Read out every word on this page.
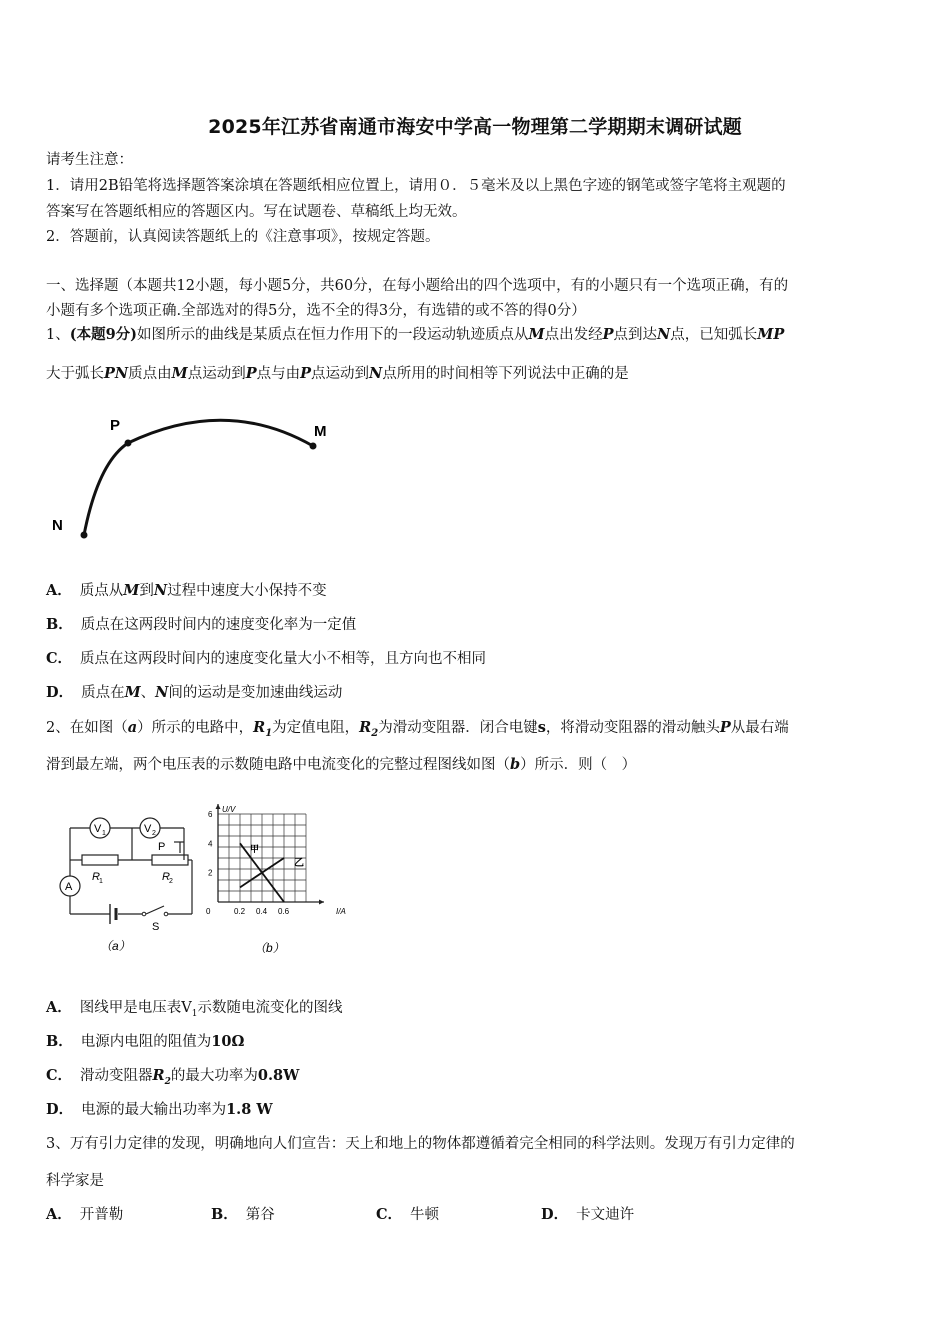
2025年江苏省南通市海安中学高一物理第二学期期末调研试题
请考生注意：
1．请用2B铅笔将选择题答案涂填在答题纸相应位置上，请用０．５毫米及以上黑色字迹的钢笔或签字笔将主观题的
答案写在答题纸相应的答题区内。写在试题卷、草稿纸上均无效。
2．答题前，认真阅读答题纸上的《注意事项》，按规定答题。
一、选择题（本题共12小题，每小题5分，共60分，在每小题给出的四个选项中，有的小题只有一个选项正确，有的
小题有多个选项正确.全部选对的得5分，选不全的得3分，有选错的或不答的得0分）
1、(本题9分)如图所示的曲线是某质点在恒力作用下的一段运动轨迹质点从M点出发经P点到达N点，已知弧长MP
大于弧长PN质点由M点运动到P点与由P点运动到N点所用的时间相等下列说法中正确的是
P	M
N
A． 质点从M到N过程中速度大小保持不变
B． 质点在这两段时间内的速度变化率为一定值
C． 质点在这两段时间内的速度变化量大小不相等，且方向也不相同
D． 质点在M、N间的运动是变加速曲线运动
2、在如图（a）所示的电路中，$R_1$为定值电阻，$R_2$为滑动变阻器．闭合电键s，将滑动变阻器的滑动触头P从最右端
滑到最左端，两个电压表的示数随电路中电流变化的完整过程图线如图（b）所示．则（　）
V 1	V 2
A
P
R 1	R 2
S
（a）
U/V
I/A
6
4
2
0	0.2 0.4 0.6
甲
乙
（b）
A． 图线甲是电压表$V_1$示数随电流变化的图线
B． 电源内电阻的阻值为10Ω
C． 滑动变阻器$R_2$的最大功率为0.8W
D． 电源的最大输出功率为1.8 W
3、万有引力定律的发现，明确地向人们宣告：天上和地上的物体都遵循着完全相同的科学法则。发现万有引力定律的
科学家是
A． 开普勒	B． 第谷	C． 牛顿	D． 卡文迪许
